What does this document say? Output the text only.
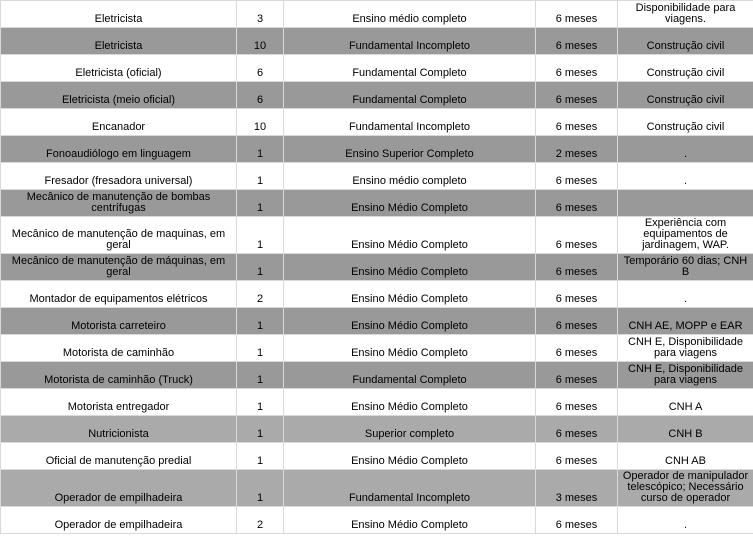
Eletricista	3	Ensino médio completo	6 meses	Disponibilidade para viagens.
Eletricista	10	Fundamental Incompleto	6 meses	Construção civil
Eletricista (oficial)	6	Fundamental Completo	6 meses	Construção civil
Eletricista (meio oficial)	6	Fundamental Completo	6 meses	Construção civil
Encanador	10	Fundamental Incompleto	6 meses	Construção civil
Fonoaudiólogo em linguagem	1	Ensino Superior Completo	2 meses	.
Fresador (fresadora universal)	1	Ensino médio completo	6 meses	.
Mecânico de manutenção de bombas centrífugas	1	Ensino Médio Completo	6 meses	
Mecânico de manutenção de maquinas, em geral	1	Ensino Médio Completo	6 meses	Experiência com equipamentos de jardinagem, WAP.
Mecânico de manutenção de máquinas, em geral	1	Ensino Médio Completo	6 meses	Temporário 60 dias; CNH B
Montador de equipamentos elétricos	2	Ensino Médio Completo	6 meses	.
Motorista carreteiro	1	Ensino Médio Completo	6 meses	CNH AE, MOPP e EAR
Motorista de caminhão	1	Ensino Médio Completo	6 meses	CNH E, Disponibilidade para viagens
Motorista de caminhão (Truck)	1	Fundamental Completo	6 meses	CNH E, Disponibilidade para viagens
Motorista entregador	1	Ensino Médio Completo	6 meses	CNH A
Nutricionista	1	Superior completo	6 meses	CNH B
Oficial de manutenção predial	1	Ensino Médio Completo	6 meses	CNH AB
Operador de empilhadeira	1	Fundamental Incompleto	3 meses	Operador de manipulador telescópico; Necessário curso de operador
Operador de empilhadeira	2	Ensino Médio Completo	6 meses	.
